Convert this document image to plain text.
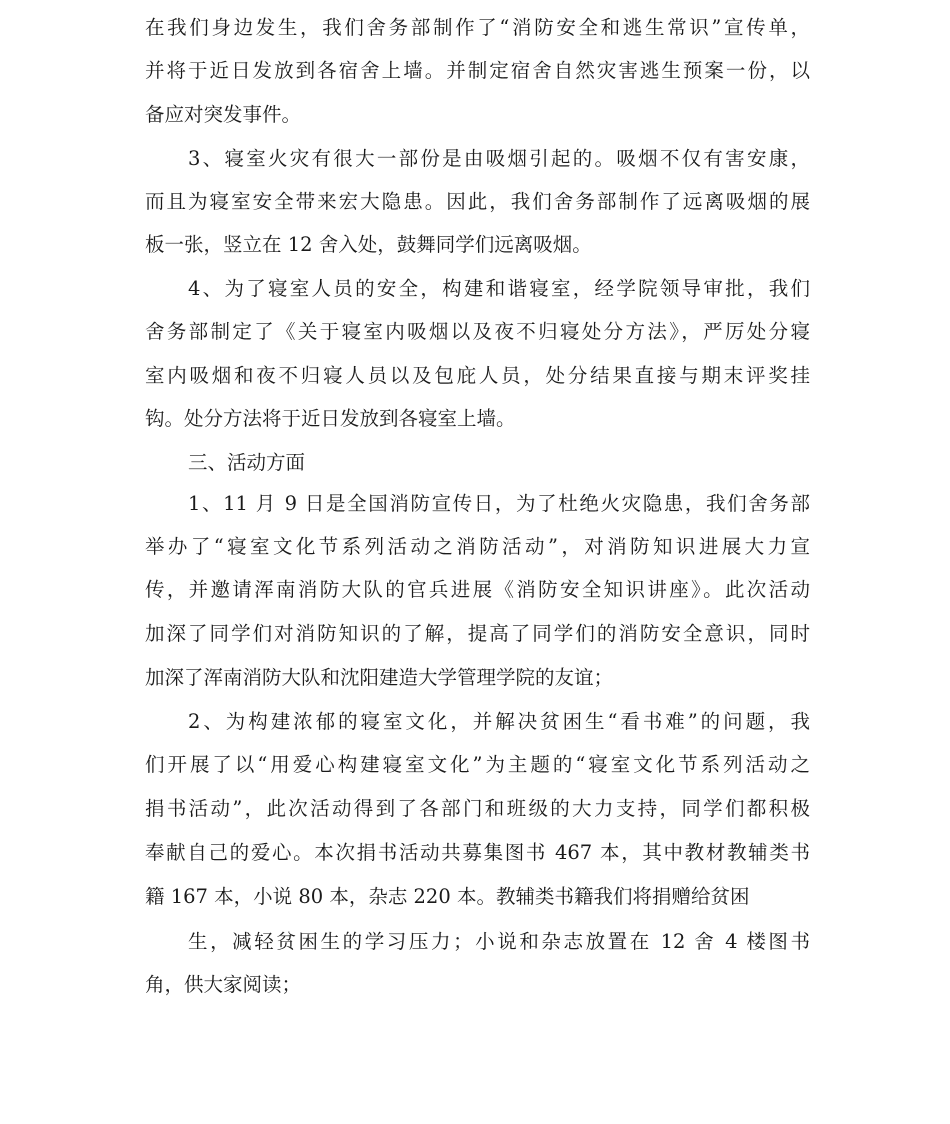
在我们身边发生，我们舍务部制作了“消防安全和逃生常识”宣传单，
并将于近日发放到各宿舍上墙。并制定宿舍自然灾害逃生预案一份，以
备应对突发事件。
3、寝室火灾有很大一部份是由吸烟引起的。吸烟不仅有害安康，
而且为寝室安全带来宏大隐患。因此，我们舍务部制作了远离吸烟的展
板一张，竖立在 12 舍入处，鼓舞同学们远离吸烟。
4、为了寝室人员的安全，构建和谐寝室，经学院领导审批，我们
舍务部制定了《关于寝室内吸烟以及夜不归寝处分方法》，严厉处分寝
室内吸烟和夜不归寝人员以及包庇人员，处分结果直接与期末评奖挂
钩。处分方法将于近日发放到各寝室上墙。
三、活动方面
1、11 月 9 日是全国消防宣传日，为了杜绝火灾隐患，我们舍务部
举办了“寝室文化节系列活动之消防活动”，对消防知识进展大力宣
传，并邀请浑南消防大队的官兵进展《消防安全知识讲座》。此次活动
加深了同学们对消防知识的了解，提高了同学们的消防安全意识，同时
加深了浑南消防大队和沈阳建造大学管理学院的友谊；
2、为构建浓郁的寝室文化，并解决贫困生“看书难”的问题，我
们开展了以“用爱心构建寝室文化”为主题的“寝室文化节系列活动之
捐书活动”，此次活动得到了各部门和班级的大力支持，同学们都积极
奉献自己的爱心。本次捐书活动共募集图书 467 本，其中教材教辅类书
籍 167 本，小说 80 本，杂志 220 本。教辅类书籍我们将捐赠给贫困
生，减轻贫困生的学习压力；小说和杂志放置在 12 舍 4 楼图书
角，供大家阅读；
